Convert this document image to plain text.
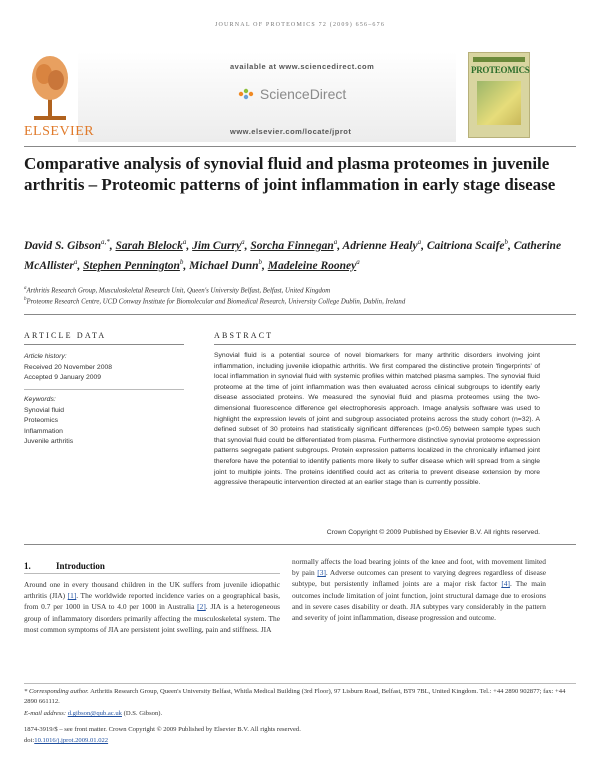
JOURNAL OF PROTEOMICS 72 (2009) 656–676
ELSEVIER
available at www.sciencedirect.com
ScienceDirect
www.elsevier.com/locate/jprot
PROTEOMICS
Comparative analysis of synovial fluid and plasma proteomes in juvenile arthritis – Proteomic patterns of joint inflammation in early stage disease
David S. Gibson$^{a,*}$, Sarah Blelock$^a$, Jim Curry$^a$, Sorcha Finnegan$^a$, Adrienne Healy$^a$, Caitriona Scaife$^b$, Catherine McAllister$^a$, Stephen Pennington$^b$, Michael Dunn$^b$, Madeleine Rooney$^a$
$^a$Arthritis Research Group, Musculoskeletal Research Unit, Queen's University Belfast, Belfast, United Kingdom
$^b$Proteome Research Centre, UCD Conway Institute for Biomolecular and Biomedical Research, University College Dublin, Dublin, Ireland
ARTICLE DATA	ABSTRACT
Article history:
Received 20 November 2008
Accepted 9 January 2009
Keywords:
Synovial fluid
Proteomics
Inflammation
Juvenile arthritis
Synovial fluid is a potential source of novel biomarkers for many arthritic disorders involving joint inflammation, including juvenile idiopathic arthritis. We first compared the distinctive protein 'fingerprints' of local inflammation in synovial fluid with systemic profiles within matched plasma samples. The synovial fluid proteome at the time of joint inflammation was then evaluated across clinical subgroups to identify early disease associated proteins. We measured the synovial fluid and plasma proteomes using the two-dimensional fluorescence difference gel electrophoresis approach. Image analysis software was used to highlight the expression levels of joint and subgroup associated proteins across the study cohort (n=32). A defined subset of 30 proteins had statistically significant differences (p<0.05) between sample types such that synovial fluid could be differentiated from plasma. Furthermore distinctive synovial proteome expression patterns segregate patient subgroups. Protein expression patterns localized in the chronically inflamed joint therefore have the potential to identify patients more likely to suffer disease which will spread from a single joint to multiple joints. The proteins identified could act as criteria to prevent disease extension by more aggressive therapeutic intervention directed at an earlier stage than is currently possible.
Crown Copyright © 2009 Published by Elsevier B.V. All rights reserved.
1.	Introduction
Around one in every thousand children in the UK suffers from juvenile idiopathic arthritis (JIA) [1]. The worldwide reported incidence varies on a geographical basis, from 0.7 per 1000 in USA to 4.0 per 1000 in Australia [2]. JIA is a heterogeneous group of inflammatory disorders primarily affecting the musculoskeletal system. The most common symptoms of JIA are persistent joint swelling, pain and stiffness. JIA
normally affects the load bearing joints of the knee and foot, with movement limited by pain [3]. Adverse outcomes can present to varying degrees regardless of disease subtype, but persistently inflamed joints are a major risk factor [4]. The main outcomes include limitation of joint function, joint structural damage due to erosions and in severe cases disability or death. JIA subtypes vary considerably in the pattern and severity of joint inflammation, disease progression and outcome.
* Corresponding author. Arthritis Research Group, Queen's University Belfast, Whitla Medical Building (3rd Floor), 97 Lisburn Road, Belfast, BT9 7BL, United Kingdom. Tel.: +44 2890 902877; fax: +44 2890 661112.
E-mail address: d.gibson@qub.ac.uk (D.S. Gibson).
1874-3919/$ – see front matter. Crown Copyright © 2009 Published by Elsevier B.V. All rights reserved.
doi:10.1016/j.jprot.2009.01.022
